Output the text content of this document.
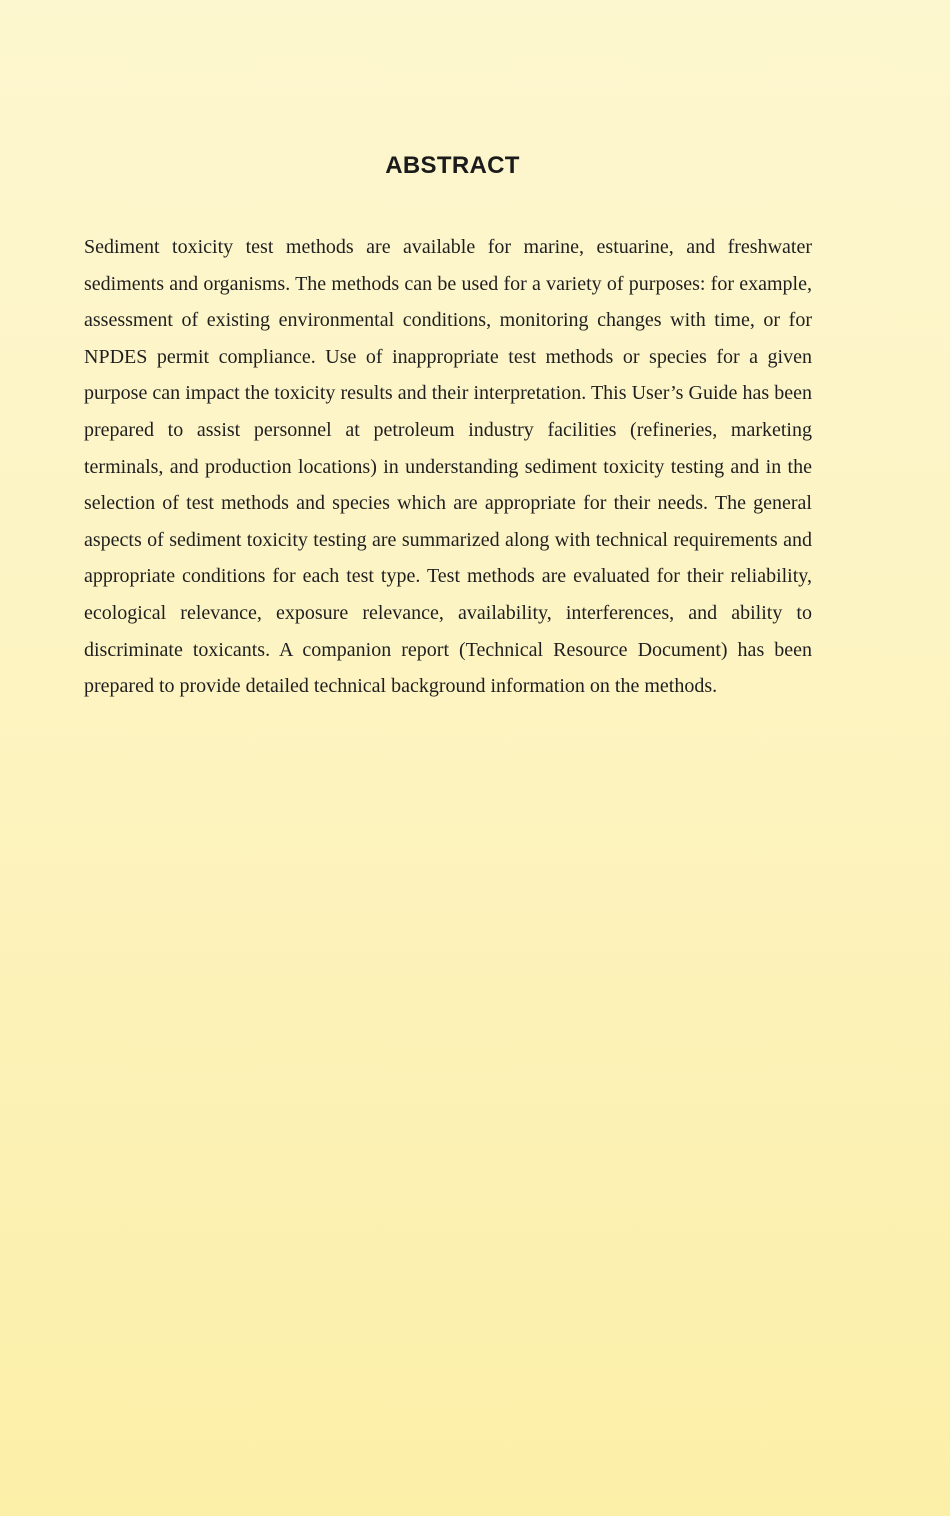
ABSTRACT

Sediment toxicity test methods are available for marine, estuarine, and freshwater sediments and organisms. The methods can be used for a variety of purposes: for example, assessment of existing environmental conditions, monitoring changes with time, or for NPDES permit compliance. Use of inappropriate test methods or species for a given purpose can impact the toxicity results and their interpretation. This User’s Guide has been prepared to assist personnel at petroleum industry facilities (refineries, marketing terminals, and production locations) in understanding sediment toxicity testing and in the selection of test methods and species which are appropriate for their needs. The general aspects of sediment toxicity testing are summarized along with technical requirements and appropriate conditions for each test type. Test methods are evaluated for their reliability, ecological relevance, exposure relevance, availability, interferences, and ability to discriminate toxicants. A companion report (Technical Resource Document) has been prepared to provide detailed technical background information on the methods.
